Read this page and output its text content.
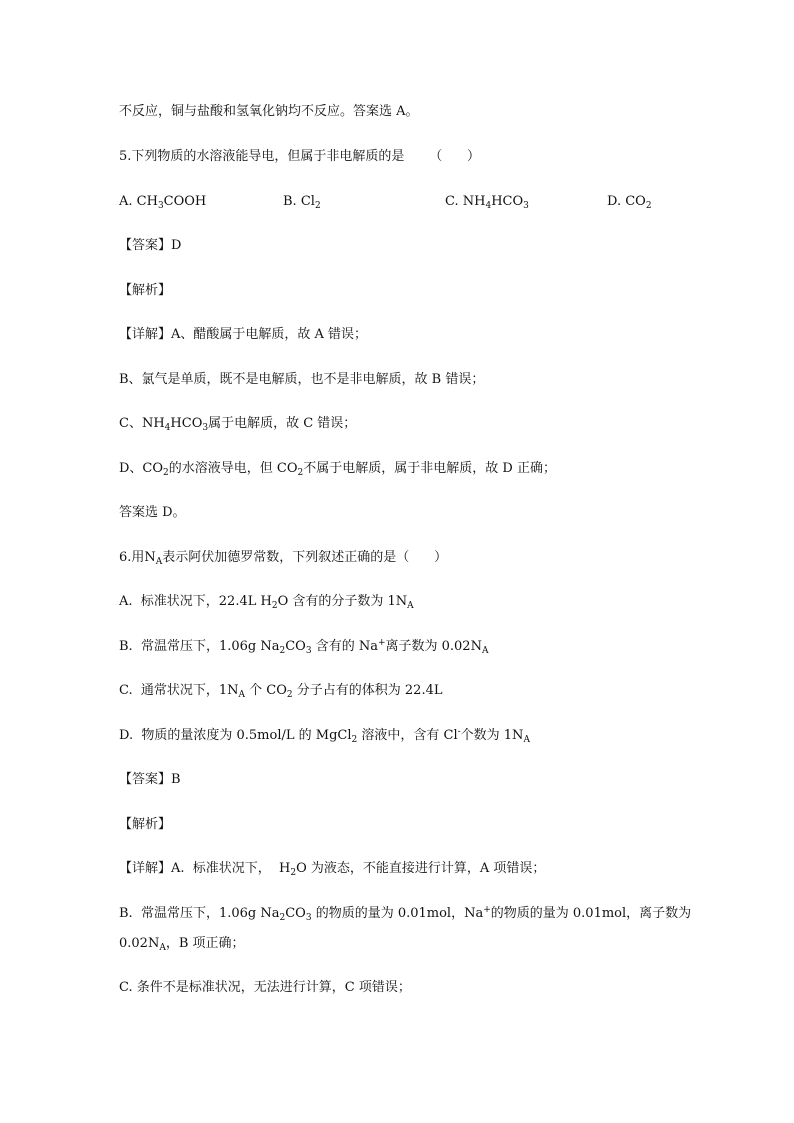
不反应，铜与盐酸和氢氧化钠均不反应。答案选 A。
5.下列物质的水溶液能导电，但属于非电解质的是      （      ）
A. $CH_3COOH$	B. $Cl_2$	C. $NH_4HCO_3$	D. $CO_2$
【答案】D
【解析】
【详解】A、醋酸属于电解质，故 A 错误；
B、氯气是单质，既不是电解质，也不是非电解质，故 B 错误；
C、$NH_4HCO_3$属于电解质，故 C 错误；
D、$CO_2$的水溶液导电，但 $CO_2$不属于电解质，属于非电解质，故 D 正确；
答案选 D。
6.用$N_A$表示阿伏加德罗常数，下列叙述正确的是（      ）
A.  标准状况下，22.4L $H_2O$ 含有的分子数为 $1N_A$
B.  常温常压下，1.06g $Na_2CO_3$ 含有的 Na+离子数为 $0.02N_A$
C.  通常状况下，$1N_A$ 个 $CO_2$ 分子占有的体积为 22.4L
D.  物质的量浓度为 0.5mol/L 的 MgCl$_2$ 溶液中，含有 Cl-个数为 $1N_A$
【答案】B
【解析】
【详解】A.  标准状况下，  $H_2O$ 为液态，不能直接进行计算，A 项错误；
B.  常温常压下，1.06g $Na_2CO_3$ 的物质的量为 0.01mol，Na+的物质的量为 0.01mol，离子数为
$0.02N_A$，B 项正确；
C. 条件不是标准状况，无法进行计算，C 项错误；
